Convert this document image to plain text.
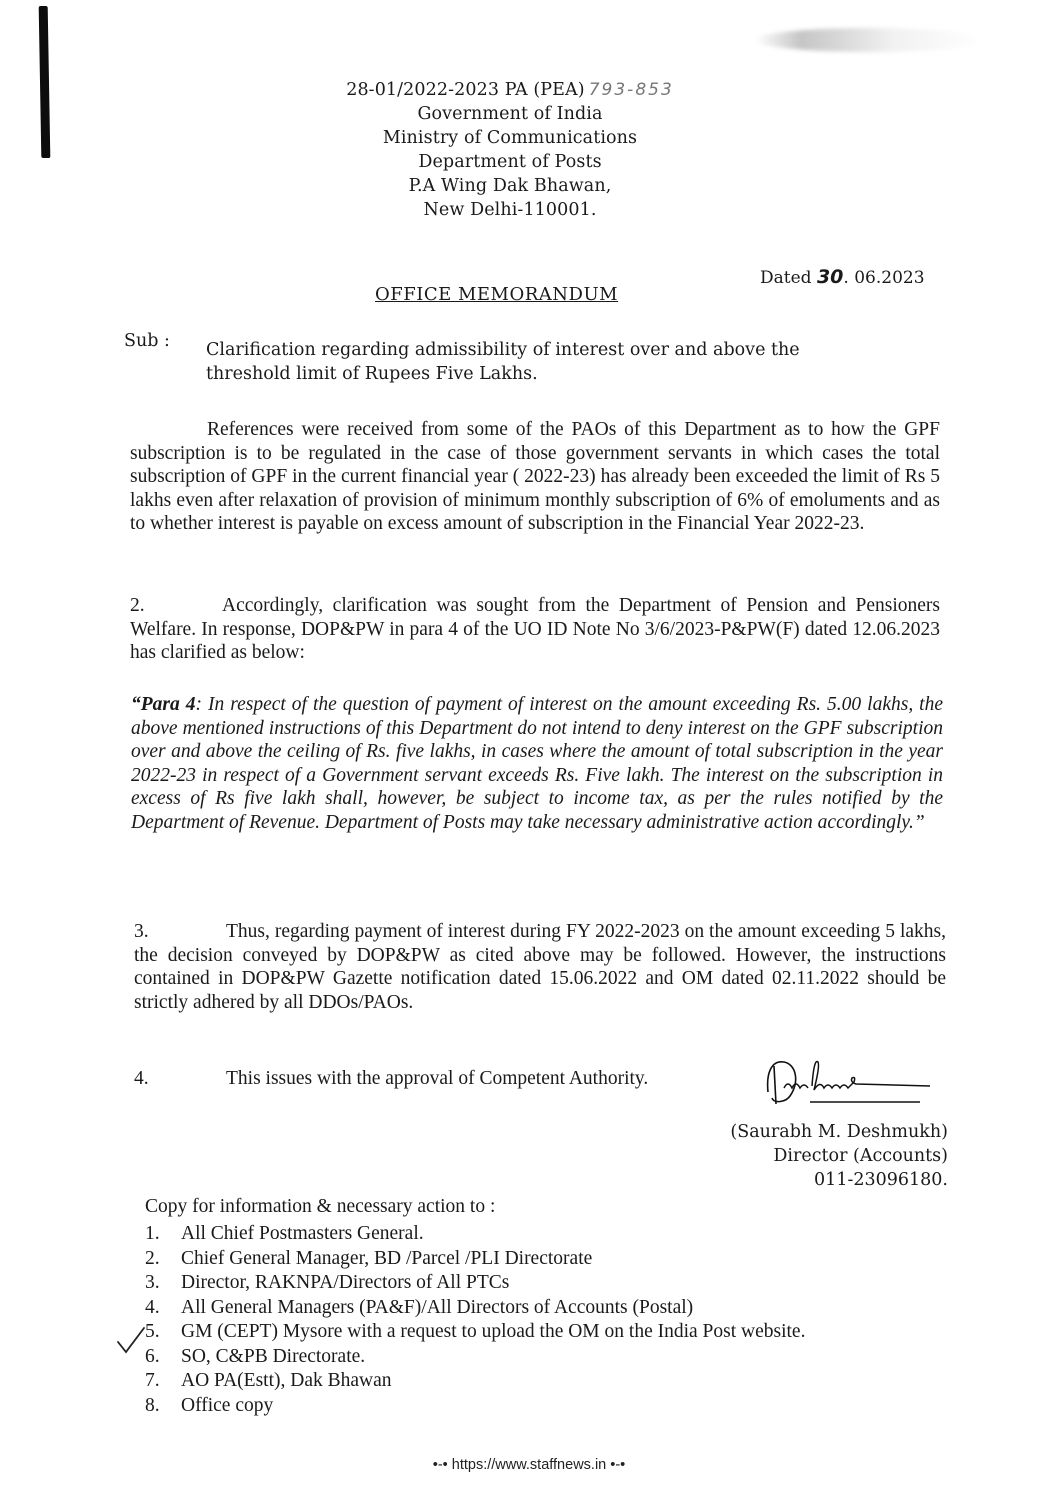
28-01/2022-2023 PA (PEA) 793-853
Government of India
Ministry of Communications
Department of Posts
P.A Wing Dak Bhawan,
New Delhi-110001.
Dated 30. 06.2023
OFFICE MEMORANDUM
Sub : Clarification regarding admissibility of interest over and above the threshold limit of Rupees Five Lakhs.
References were received from some of the PAOs of this Department as to how the GPF subscription is to be regulated in the case of those government servants in which cases the total subscription of GPF in the current financial year ( 2022-23) has already been exceeded the limit of Rs 5 lakhs even after relaxation of provision of minimum monthly subscription of 6% of emoluments and as to whether interest is payable on excess amount of subscription in the Financial Year 2022-23.
2.	Accordingly, clarification was sought from the Department of Pension and Pensioners Welfare. In response, DOP&PW in para 4 of the UO ID Note No 3/6/2023-P&PW(F) dated 12.06.2023 has clarified as below:
“Para 4: In respect of the question of payment of interest on the amount exceeding Rs. 5.00 lakhs, the above mentioned instructions of this Department do not intend to deny interest on the GPF subscription over and above the ceiling of Rs. five lakhs, in cases where the amount of total subscription in the year 2022-23 in respect of a Government servant exceeds Rs. Five lakh. The interest on the subscription in excess of Rs five lakh shall, however, be subject to income tax, as per the rules notified by the Department of Revenue. Department of Posts may take necessary administrative action accordingly.”
3.	Thus, regarding payment of interest during FY 2022-2023 on the amount exceeding 5 lakhs, the decision conveyed by DOP&PW as cited above may be followed. However, the instructions contained in DOP&PW Gazette notification dated 15.06.2022 and OM dated 02.11.2022 should be strictly adhered by all DDOs/PAOs.
4.	This issues with the approval of Competent Authority.
(Saurabh M. Deshmukh)
Director (Accounts)
011-23096180.
Copy for information & necessary action to :
1.	All Chief Postmasters General.
2.	Chief General Manager, BD /Parcel /PLI Directorate
3.	Director, RAKNPA/Directors of All PTCs
4.	All General Managers (PA&F)/All Directors of Accounts (Postal)
5.	GM (CEPT) Mysore with a request to upload the OM on the India Post website.
6.	SO, C&PB Directorate.
7.	AO PA(Estt), Dak Bhawan
8.	Office copy
•-• https://www.staffnews.in •-•
